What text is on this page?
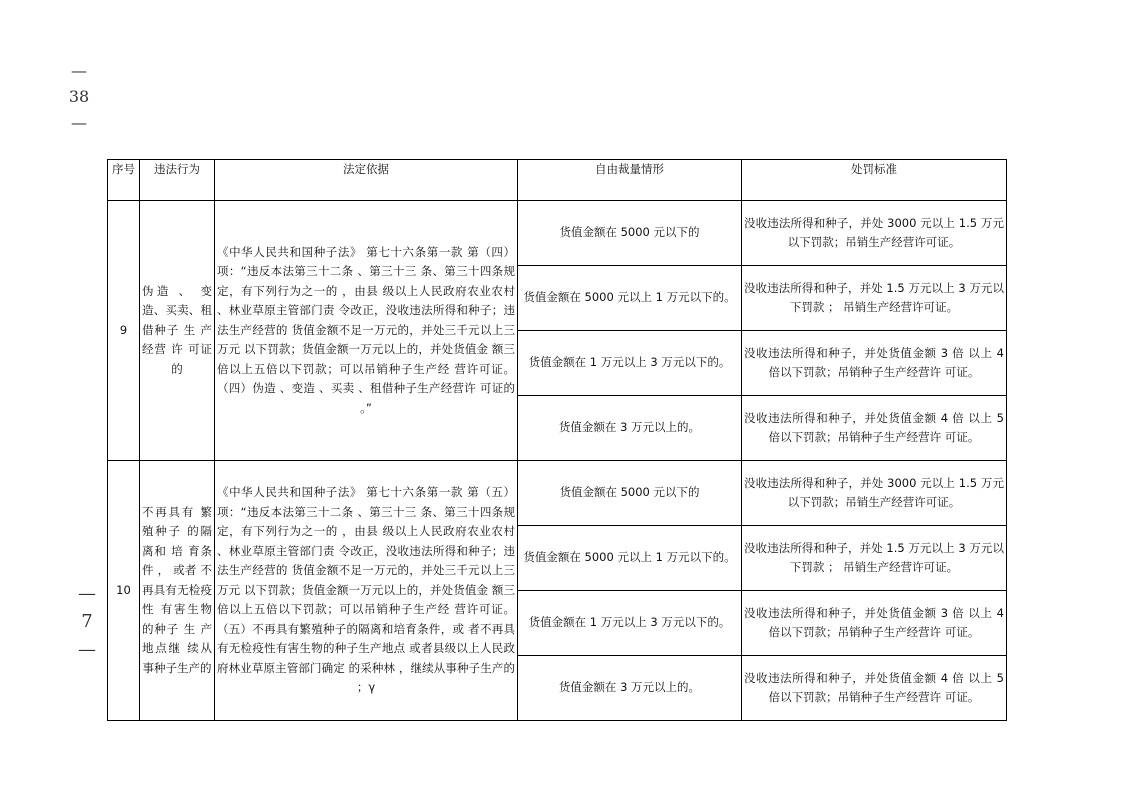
—
38
—
—
7
—
序号	违法行为	法定依据	自由裁量情形	处罚标准
9	伪造 、 变造、买卖、租借种子 生 产经营 许 可证的	《中华人民共和国种子法》 第七十六条第一款 第（四）项：“违反本法第三十二条 、第三十三 条、第三十四条规定，有下列行为之一的 ，由县 级以上人民政府农业农村 、林业草原主管部门责 令改正，没收违法所得和种子；违法生产经营的 货值金额不足一万元的，并处三千元以上三万元 以下罚款；货值金额一万元以上的，并处货值金 额三倍以上五倍以下罚款；可以吊销种子生产经 营许可证。（四）伪造 、变造 、买卖 、租借种子生产经营许 可证的 。”	货值金额在 5000 元以下的	没收违法所得和种子，并处 3000 元以上 1.5 万元以下罚款；吊销生产经营许可证。
			货值金额在 5000 元以上 1 万元以下的。	没收违法所得和种子，并处 1.5 万元以上 3 万元以下罚款 ； 吊销生产经营许可证。
			货值金额在 1 万元以上 3 万元以下的。	没收违法所得和种子，并处货值金额 3 倍 以上 4 倍以下罚款；吊销种子生产经营许 可证。
			货值金额在 3 万元以上的。	没收违法所得和种子，并处货值金额 4 倍 以上 5 倍以下罚款；吊销种子生产经营许 可证。
10	不再具有 繁殖种子 的隔离和 培 育条 件 ， 或者 不再具有无检疫性 有害生物 的种子 生 产地点继 续从事种子生产的	《中华人民共和国种子法》 第七十六条第一款 第（五）项：“违反本法第三十二条 、第三十三 条、第三十四条规定，有下列行为之一的 ，由县 级以上人民政府农业农村 、林业草原主管部门责 令改正，没收违法所得和种子；违法生产经营的 货值金额不足一万元的，并处三千元以上三万元 以下罚款；货值金额一万元以上的，并处货值金 额三倍以上五倍以下罚款；可以吊销种子生产经 营许可证。（五）不再具有繁殖种子的隔离和培育条件，或 者不再具有无检疫性有害生物的种子生产地点 或者县级以上人民政府林业草原主管部门确定 的采种林 ，继续从事种子生产的 ；γ	货值金额在 5000 元以下的	没收违法所得和种子，并处 3000 元以上 1.5 万元以下罚款；吊销生产经营许可证。
			货值金额在 5000 元以上 1 万元以下的。	没收违法所得和种子，并处 1.5 万元以上 3 万元以下罚款 ； 吊销生产经营许可证。
			货值金额在 1 万元以上 3 万元以下的。	没收违法所得和种子，并处货值金额 3 倍 以上 4 倍以下罚款；吊销种子生产经营许 可证。
			货值金额在 3 万元以上的。	没收违法所得和种子，并处货值金额 4 倍 以上 5 倍以下罚款；吊销种子生产经营许 可证。
